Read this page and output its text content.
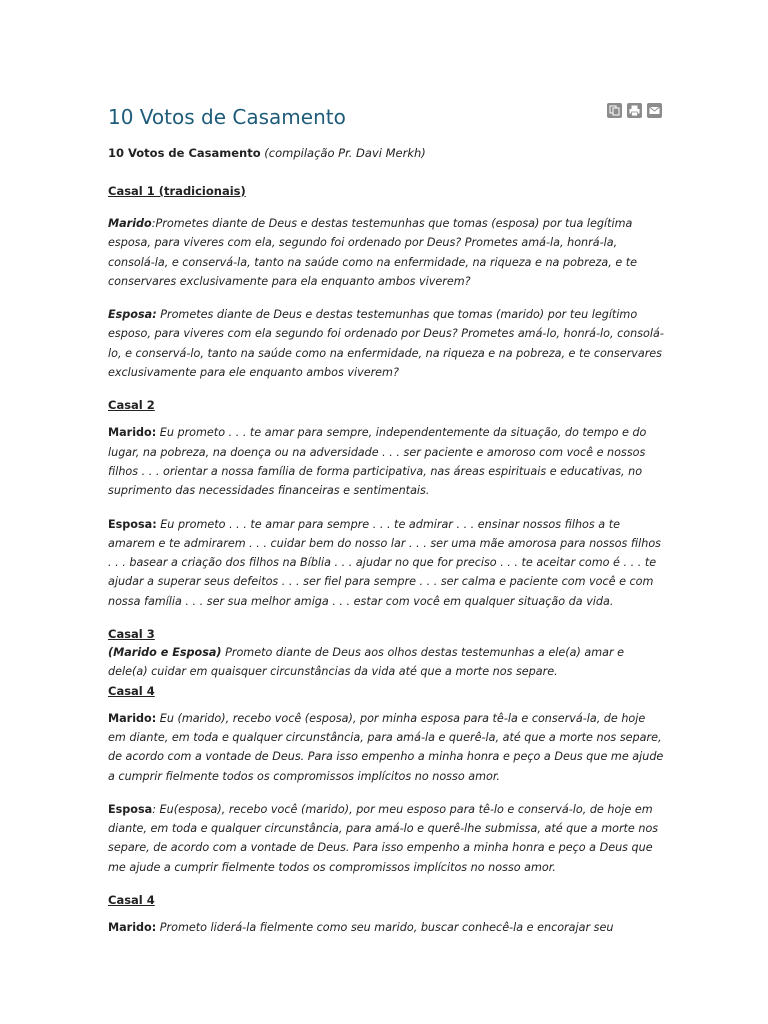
10 Votos de Casamento

10 Votos de Casamento (compilação Pr. Davi Merkh)

Casal 1 (tradicionais)

Marido:Prometes diante de Deus e destas testemunhas que tomas (esposa) por tua legítima esposa, para viveres com ela, segundo foi ordenado por Deus? Prometes amá-la, honrá-la, consolá-la, e conservá-la, tanto na saúde como na enfermidade, na riqueza e na pobreza, e te conservares exclusivamente para ela enquanto ambos viverem?

Esposa: Prometes diante de Deus e destas testemunhas que tomas (marido) por teu legítimo esposo, para viveres com ela segundo foi ordenado por Deus? Prometes amá-lo, honrá-lo, consolá-lo, e conservá-lo, tanto na saúde como na enfermidade, na riqueza e na pobreza, e te conservares exclusivamente para ele enquanto ambos viverem?

Casal 2

Marido: Eu prometo . . . te amar para sempre, independentemente da situação, do tempo e do lugar, na pobreza, na doença ou na adversidade . . . ser paciente e amoroso com você e nossos filhos . . . orientar a nossa família de forma participativa, nas áreas espirituais e educativas, no suprimento das necessidades financeiras e sentimentais.

Esposa: Eu prometo . . . te amar para sempre . . . te admirar . . . ensinar nossos filhos a te amarem e te admirarem . . . cuidar bem do nosso lar . . . ser uma mãe amorosa para nossos filhos . . . basear a criação dos filhos na Bíblia . . . ajudar no que for preciso . . . te aceitar como é . . . te ajudar a superar seus defeitos . . . ser fiel para sempre . . . ser calma e paciente com você e com nossa família . . . ser sua melhor amiga . . . estar com você em qualquer situação da vida.

Casal 3

(Marido e Esposa) Prometo diante de Deus aos olhos destas testemunhas a ele(a) amar e dele(a) cuidar em quaisquer circunstâncias da vida até que a morte nos separe.

Casal 4

Marido: Eu (marido), recebo você (esposa), por minha esposa para tê-la e conservá-la, de hoje em diante, em toda e qualquer circunstância, para amá-la e querê-la, até que a morte nos separe, de acordo com a vontade de Deus. Para isso empenho a minha honra e peço a Deus que me ajude a cumprir fielmente todos os compromissos implícitos no nosso amor.

Esposa: Eu(esposa), recebo você (marido), por meu esposo para tê-lo e conservá-lo, de hoje em diante, em toda e qualquer circunstância, para amá-lo e querê-lhe submissa, até que a morte nos separe, de acordo com a vontade de Deus. Para isso empenho a minha honra e peço a Deus que me ajude a cumprir fielmente todos os compromissos implícitos no nosso amor.

Casal 4

Marido: Prometo liderá-la fielmente como seu marido, buscar conhecê-la e encorajar seu
